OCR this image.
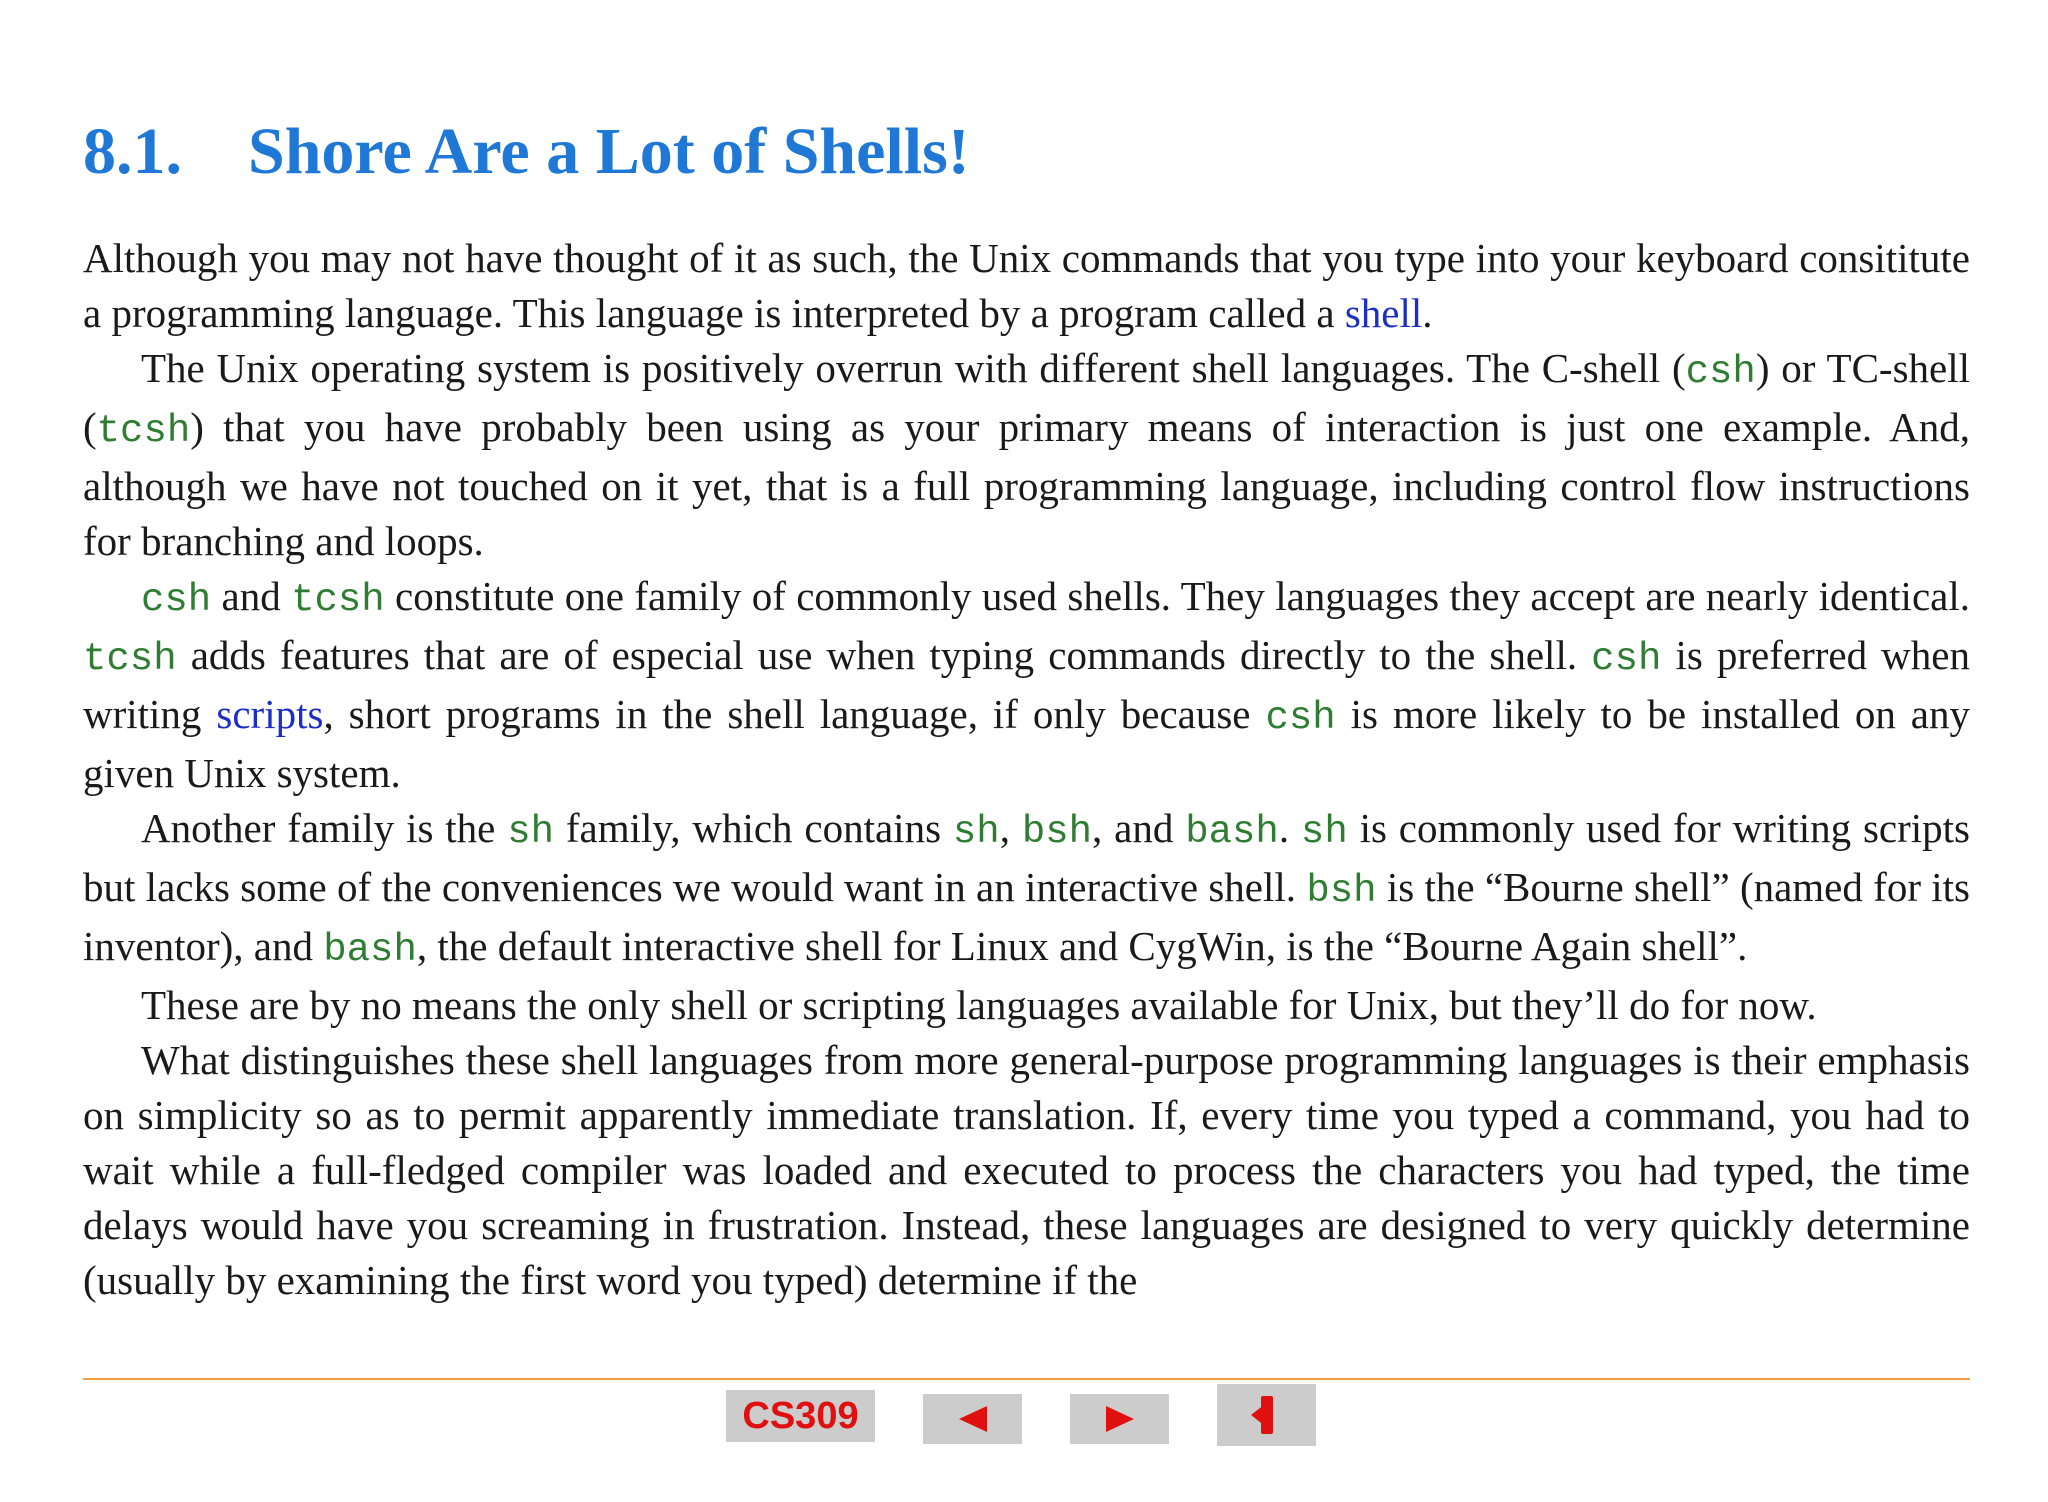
8.1. Shore Are a Lot of Shells!

Although you may not have thought of it as such, the Unix commands that you type into your keyboard consititute a programming language. This language is interpreted by a program called a shell.

The Unix operating system is positively overrun with different shell languages. The C-shell (csh) or TC-shell (tcsh) that you have probably been using as your primary means of interaction is just one example. And, although we have not touched on it yet, that is a full programming language, including control flow instructions for branching and loops.

csh and tcsh constitute one family of commonly used shells. They languages they accept are nearly identical. tcsh adds features that are of especial use when typing commands directly to the shell. csh is preferred when writing scripts, short programs in the shell language, if only because csh is more likely to be installed on any given Unix system.

Another family is the sh family, which contains sh, bsh, and bash. sh is commonly used for writing scripts but lacks some of the conveniences we would want in an interactive shell. bsh is the “Bourne shell” (named for its inventor), and bash, the default interactive shell for Linux and CygWin, is the “Bourne Again shell”.

These are by no means the only shell or scripting languages available for Unix, but they’ll do for now.

What distinguishes these shell languages from more general-purpose programming languages is their emphasis on simplicity so as to permit apparently immediate translation. If, every time you typed a command, you had to wait while a full-fledged compiler was loaded and executed to process the characters you had typed, the time delays would have you screaming in frustration. Instead, these languages are designed to very quickly determine (usually by examining the first word you typed) determine if the

CS309
